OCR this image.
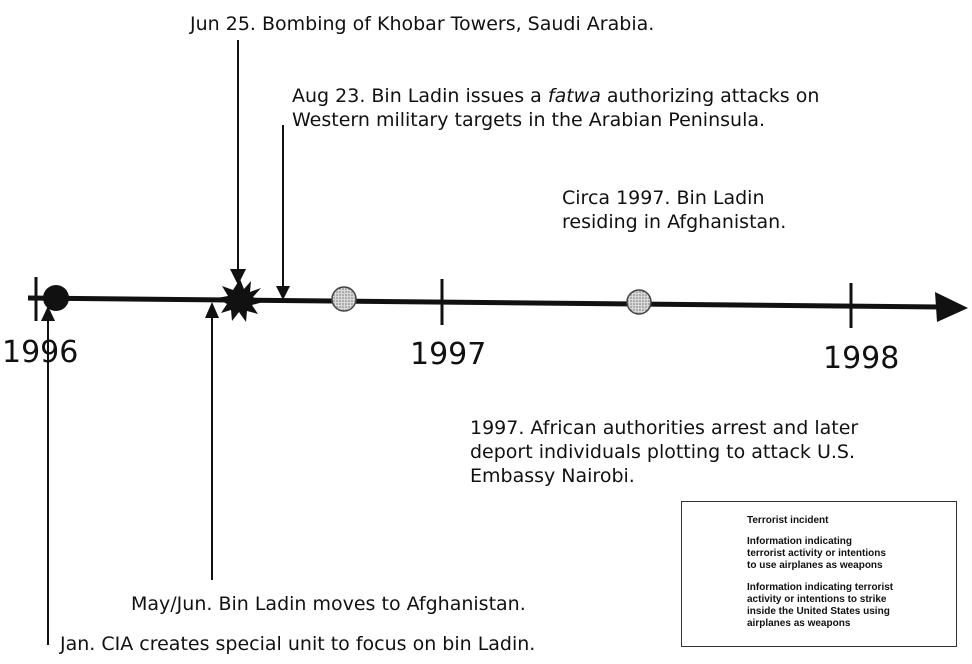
1996	1997	1998
Jun 25. Bombing of Khobar Towers, Saudi Arabia.
Aug 23. Bin Ladin issues a fatwa authorizing attacks on
Western military targets in the Arabian Peninsula.
Circa 1997. Bin Ladin
residing in Afghanistan.
1997. African authorities arrest and later
deport individuals plotting to attack U.S.
Embassy Nairobi.
May/Jun. Bin Ladin moves to Afghanistan.
Jan. CIA creates special unit to focus on bin Ladin.
Terrorist incident
Information indicating
terrorist activity or intentions
to use airplanes as weapons
Information indicating terrorist
activity or intentions to strike
inside the United States using
airplanes as weapons
